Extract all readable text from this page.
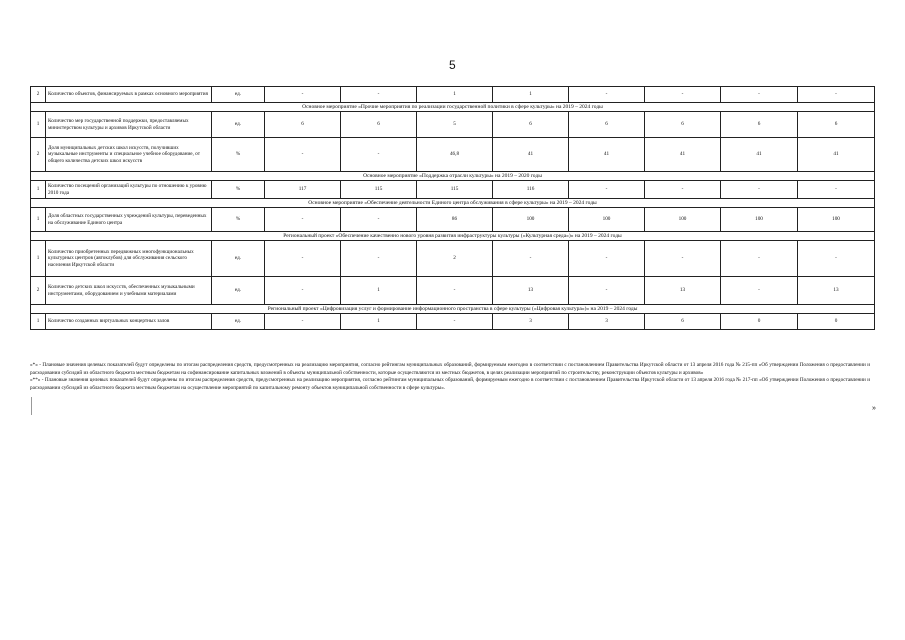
5
2	Количество объектов, финансируемых в рамках основного мероприятия	ед.	-	-	1	1	-	-	-	-
Основное мероприятие «Прочие мероприятия по реализации государственной политики в сфере культуры» на 2019 – 2024 годы										
1	Количество мер государственной поддержки, предоставляемых министерством культуры и архивов Иркутской области	ед.	6	6	5	6	6	6	6	6
2	Доля муниципальных детских школ искусств, получивших музыкальные инструменты и специальное учебное оборудование, от общего количества детских школ искусств	%	-	-	46,8	41	41	41	41	41
Основное мероприятие «Поддержка отрасли культуры» на 2019 – 2020 годы										
1	Количество посещений организаций культуры по отношению к уровню 2010 года	%	117	115	115	116	-	-	-	-
Основное мероприятие «Обеспечение деятельности Единого центра обслуживания в сфере культуры» на 2019 – 2024 годы										
1	Доля областных государственных учреждений культуры, переведенных на обслуживание Единого центра	%	-	-	86	100	100	100	100	100
Региональный проект «Обеспечение качественно нового уровня развития инфраструктуры культуры («Культурная среда»)» на 2019 – 2024 годы										
1	Количество приобретенных передвижных многофункциональных культурных центров (автоклубов) для обслуживания сельского населения Иркутской области	ед.	-	-	2	-	-	-	-	-
2	Количество детских школ искусств, обеспеченных музыкальными инструментами, оборудованием и учебными материалами	ед.	-	1	-	13	-	13	-	13
Региональный проект «Цифровизация услуг и формирование информационного пространства в сфере культуры («Цифровая культура»)» на 2019 – 2024 годы										
1	Количество созданных виртуальных концертных залов	ед.	-	1	-	3	3	6	0	0

«*» - Плановые значения целевых показателей будут определены по итогам распределения средств, предусмотренных на реализацию мероприятия, согласно рейтингам муниципальных образований, формируемым ежегодно в соответствии с постановлением Правительства Иркутской области от 13 апреля 2016 года № 215-пп «Об утверждении Положения о предоставлении и расходовании субсидий из областного бюджета местным бюджетам на софинансирование капитальных вложений в объекты муниципальной собственности, которые осуществляются из местных бюджетов, в целях реализации мероприятий по строительству, реконструкции объектов культуры и архивов»

«**» - Плановые значения целевых показателей будут определены по итогам распределения средств, предусмотренных на реализацию мероприятия, согласно рейтингам муниципальных образований, формируемым ежегодно в соответствии с постановлением Правительства Иркутской области от 13 апреля 2016 года № 217-пп «Об утверждении Положения о предоставлении и расходовании субсидий из областного бюджета местным бюджетам на осуществление мероприятий по капитальному ремонту объектов муниципальной собственности в сфере культуры».

»
